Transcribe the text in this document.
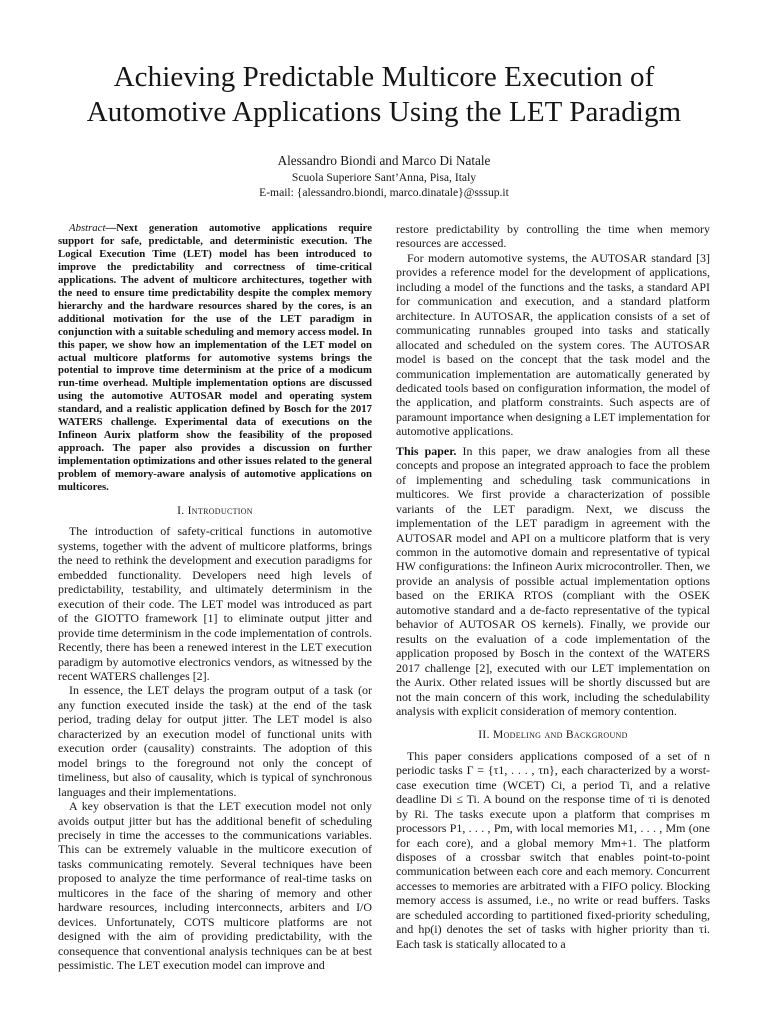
Achieving Predictable Multicore Execution of
Automotive Applications Using the LET Paradigm
Alessandro Biondi and Marco Di Natale
Scuola Superiore Sant’Anna, Pisa, Italy
E-mail: {alessandro.biondi, marco.dinatale}@sssup.it

Abstract—Next generation automotive applications require support for safe, predictable, and deterministic execution. The Logical Execution Time (LET) model has been introduced to improve the predictability and correctness of time-critical applications. The advent of multicore architectures, together with the need to ensure time predictability despite the complex memory hierarchy and the hardware resources shared by the cores, is an additional motivation for the use of the LET paradigm in conjunction with a suitable scheduling and memory access model. In this paper, we show how an implementation of the LET model on actual multicore platforms for automotive systems brings the potential to improve time determinism at the price of a modicum run-time overhead. Multiple implementation options are discussed using the automotive AUTOSAR model and operating system standard, and a realistic application defined by Bosch for the 2017 WATERS challenge. Experimental data of executions on the Infineon Aurix platform show the feasibility of the proposed approach. The paper also provides a discussion on further implementation optimizations and other issues related to the general problem of memory-aware analysis of automotive applications on multicores.

I. Introduction

The introduction of safety-critical functions in automotive systems, together with the advent of multicore platforms, brings the need to rethink the development and execution paradigms for embedded functionality. Developers need high levels of predictability, testability, and ultimately determinism in the execution of their code. The LET model was introduced as part of the GIOTTO framework [1] to eliminate output jitter and provide time determinism in the code implementation of controls. Recently, there has been a renewed interest in the LET execution paradigm by automotive electronics vendors, as witnessed by the recent WATERS challenges [2].

In essence, the LET delays the program output of a task (or any function executed inside the task) at the end of the task period, trading delay for output jitter. The LET model is also characterized by an execution model of functional units with execution order (causality) constraints. The adoption of this model brings to the foreground not only the concept of timeliness, but also of causality, which is typical of synchronous languages and their implementations.

A key observation is that the LET execution model not only avoids output jitter but has the additional benefit of scheduling precisely in time the accesses to the communications variables. This can be extremely valuable in the multicore execution of tasks communicating remotely. Several techniques have been proposed to analyze the time performance of real-time tasks on multicores in the face of the sharing of memory and other hardware resources, including interconnects, arbiters and I/O devices. Unfortunately, COTS multicore platforms are not designed with the aim of providing predictability, with the consequence that conventional analysis techniques can be at best pessimistic. The LET execution model can improve and

restore predictability by controlling the time when memory resources are accessed.

For modern automotive systems, the AUTOSAR standard [3] provides a reference model for the development of applications, including a model of the functions and the tasks, a standard API for communication and execution, and a standard platform architecture. In AUTOSAR, the application consists of a set of communicating runnables grouped into tasks and statically allocated and scheduled on the system cores. The AUTOSAR model is based on the concept that the task model and the communication implementation are automatically generated by dedicated tools based on configuration information, the model of the application, and platform constraints. Such aspects are of paramount importance when designing a LET implementation for automotive applications.

This paper. In this paper, we draw analogies from all these concepts and propose an integrated approach to face the problem of implementing and scheduling task communications in multicores. We first provide a characterization of possible variants of the LET paradigm. Next, we discuss the implementation of the LET paradigm in agreement with the AUTOSAR model and API on a multicore platform that is very common in the automotive domain and representative of typical HW configurations: the Infineon Aurix microcontroller. Then, we provide an analysis of possible actual implementation options based on the ERIKA RTOS (compliant with the OSEK automotive standard and a de-facto representative of the typical behavior of AUTOSAR OS kernels). Finally, we provide our results on the evaluation of a code implementation of the application proposed by Bosch in the context of the WATERS 2017 challenge [2], executed with our LET implementation on the Aurix. Other related issues will be shortly discussed but are not the main concern of this work, including the schedulability analysis with explicit consideration of memory contention.

II. Modeling and Background

This paper considers applications composed of a set of n periodic tasks Γ = {τ1, . . . , τn}, each characterized by a worst-case execution time (WCET) Ci, a period Ti, and a relative deadline Di ≤ Ti. A bound on the response time of τi is denoted by Ri. The tasks execute upon a platform that comprises m processors P1, . . . , Pm, with local memories M1, . . . , Mm (one for each core), and a global memory Mm+1. The platform disposes of a crossbar switch that enables point-to-point communication between each core and each memory. Concurrent accesses to memories are arbitrated with a FIFO policy. Blocking memory access is assumed, i.e., no write or read buffers. Tasks are scheduled according to partitioned fixed-priority scheduling, and hp(i) denotes the set of tasks with higher priority than τi. Each task is statically allocated to a
